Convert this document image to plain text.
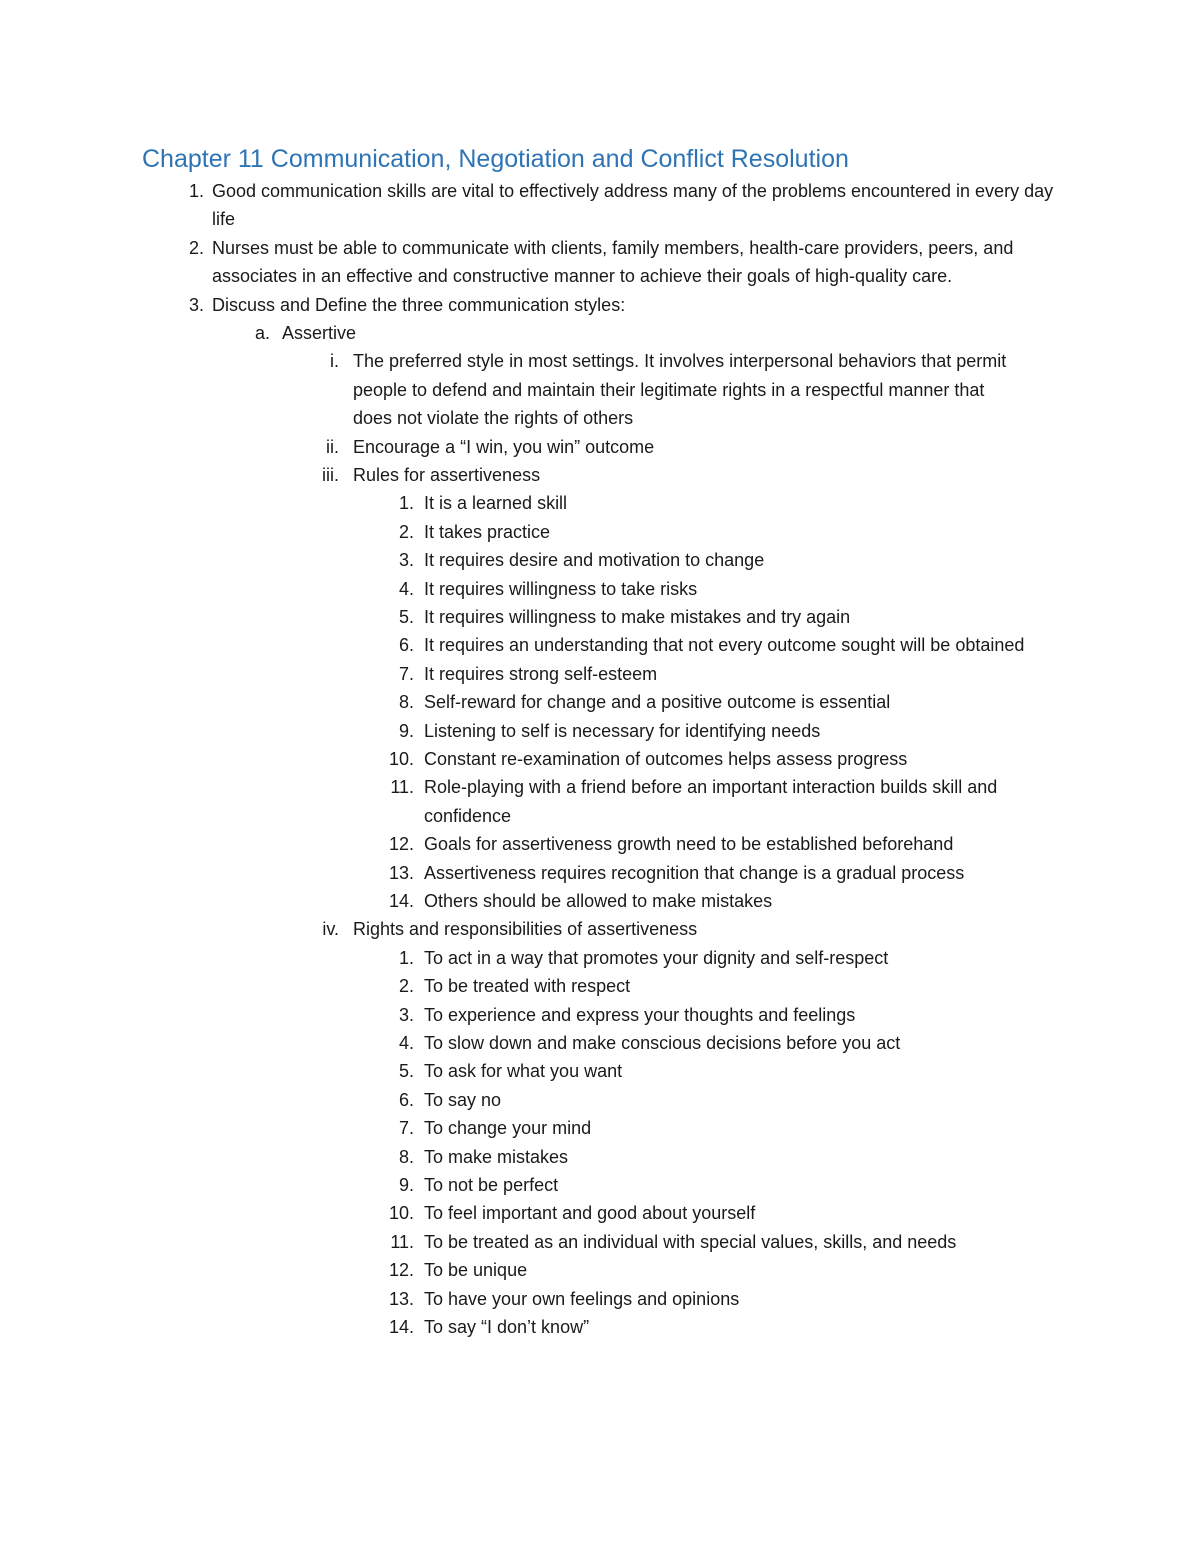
Chapter 11 Communication, Negotiation and Conflict Resolution
1. Good communication skills are vital to effectively address many of the problems encountered in every day life
2. Nurses must be able to communicate with clients, family members, health-care providers, peers, and associates in an effective and constructive manner to achieve their goals of high-quality care.
3. Discuss and Define the three communication styles:
a. Assertive
i. The preferred style in most settings. It involves interpersonal behaviors that permit people to defend and maintain their legitimate rights in a respectful manner that does not violate the rights of others
ii. Encourage a “I win, you win” outcome
iii. Rules for assertiveness
1. It is a learned skill
2. It takes practice
3. It requires desire and motivation to change
4. It requires willingness to take risks
5. It requires willingness to make mistakes and try again
6. It requires an understanding that not every outcome sought will be obtained
7. It requires strong self-esteem
8. Self-reward for change and a positive outcome is essential
9. Listening to self is necessary for identifying needs
10. Constant re-examination of outcomes helps assess progress
11. Role-playing with a friend before an important interaction builds skill and confidence
12. Goals for assertiveness growth need to be established beforehand
13. Assertiveness requires recognition that change is a gradual process
14. Others should be allowed to make mistakes
iv. Rights and responsibilities of assertiveness
1. To act in a way that promotes your dignity and self-respect
2. To be treated with respect
3. To experience and express your thoughts and feelings
4. To slow down and make conscious decisions before you act
5. To ask for what you want
6. To say no
7. To change your mind
8. To make mistakes
9. To not be perfect
10. To feel important and good about yourself
11. To be treated as an individual with special values, skills, and needs
12. To be unique
13. To have your own feelings and opinions
14. To say “I don’t know”
